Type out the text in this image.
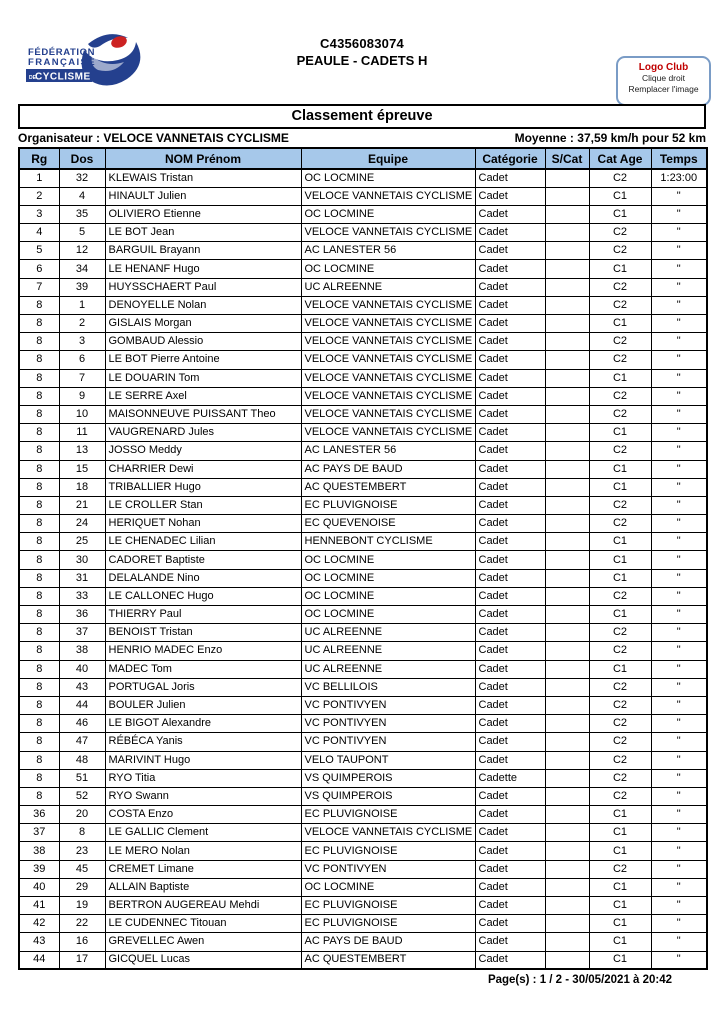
FÉDÉRATION
FRANÇAISE
DE CYCLISME
C4356083074
PEAULE - CADETS H	Logo Club
Clique droit
Remplacer l'image
Classement épreuve
Organisateur : VELOCE VANNETAIS CYCLISME	Moyenne : 37,59 km/h pour 52 km
Rg	Dos	NOM Prénom	Equipe	Catégorie	S/Cat	Cat Age	Temps
1	32	KLEWAIS Tristan	OC LOCMINE	Cadet		C2	1:23:00
2	4	HINAULT Julien	VELOCE VANNETAIS CYCLISME	Cadet		C1	"
3	35	OLIVIERO Etienne	OC LOCMINE	Cadet		C1	"
4	5	LE BOT Jean	VELOCE VANNETAIS CYCLISME	Cadet		C2	"
5	12	BARGUIL Brayann	AC LANESTER 56	Cadet		C2	"
6	34	LE HENANF Hugo	OC LOCMINE	Cadet		C1	"
7	39	HUYSSCHAERT Paul	UC ALREENNE	Cadet		C2	"
8	1	DENOYELLE Nolan	VELOCE VANNETAIS CYCLISME	Cadet		C2	"
8	2	GISLAIS Morgan	VELOCE VANNETAIS CYCLISME	Cadet		C1	"
8	3	GOMBAUD Alessio	VELOCE VANNETAIS CYCLISME	Cadet		C2	"
8	6	LE BOT Pierre Antoine	VELOCE VANNETAIS CYCLISME	Cadet		C2	"
8	7	LE DOUARIN Tom	VELOCE VANNETAIS CYCLISME	Cadet		C1	"
8	9	LE SERRE Axel	VELOCE VANNETAIS CYCLISME	Cadet		C2	"
8	10	MAISONNEUVE PUISSANT Theo	VELOCE VANNETAIS CYCLISME	Cadet		C2	"
8	11	VAUGRENARD Jules	VELOCE VANNETAIS CYCLISME	Cadet		C1	"
8	13	JOSSO Meddy	AC LANESTER 56	Cadet		C2	"
8	15	CHARRIER Dewi	AC PAYS DE BAUD	Cadet		C1	"
8	18	TRIBALLIER Hugo	AC QUESTEMBERT	Cadet		C1	"
8	21	LE CROLLER Stan	EC PLUVIGNOISE	Cadet		C2	"
8	24	HERIQUET Nohan	EC QUEVENOISE	Cadet		C2	"
8	25	LE CHENADEC Lilian	HENNEBONT CYCLISME	Cadet		C1	"
8	30	CADORET Baptiste	OC LOCMINE	Cadet		C1	"
8	31	DELALANDE Nino	OC LOCMINE	Cadet		C1	"
8	33	LE CALLONEC Hugo	OC LOCMINE	Cadet		C2	"
8	36	THIERRY Paul	OC LOCMINE	Cadet		C1	"
8	37	BENOIST Tristan	UC ALREENNE	Cadet		C2	"
8	38	HENRIO MADEC Enzo	UC ALREENNE	Cadet		C2	"
8	40	MADEC Tom	UC ALREENNE	Cadet		C1	"
8	43	PORTUGAL Joris	VC BELLILOIS	Cadet		C2	"
8	44	BOULER Julien	VC PONTIVYEN	Cadet		C2	"
8	46	LE BIGOT Alexandre	VC PONTIVYEN	Cadet		C2	"
8	47	RÉBÉCA Yanis	VC PONTIVYEN	Cadet		C2	"
8	48	MARIVINT Hugo	VELO TAUPONT	Cadet		C2	"
8	51	RYO Titia	VS QUIMPEROIS	Cadette		C2	"
8	52	RYO Swann	VS QUIMPEROIS	Cadet		C2	"
36	20	COSTA Enzo	EC PLUVIGNOISE	Cadet		C1	"
37	8	LE GALLIC Clement	VELOCE VANNETAIS CYCLISME	Cadet		C1	"
38	23	LE MERO Nolan	EC PLUVIGNOISE	Cadet		C1	"
39	45	CREMET Limane	VC PONTIVYEN	Cadet		C2	"
40	29	ALLAIN Baptiste	OC LOCMINE	Cadet		C1	"
41	19	BERTRON AUGEREAU Mehdi	EC PLUVIGNOISE	Cadet		C1	"
42	22	LE CUDENNEC Titouan	EC PLUVIGNOISE	Cadet		C1	"
43	16	GREVELLEC Awen	AC PAYS DE BAUD	Cadet		C1	"
44	17	GICQUEL Lucas	AC QUESTEMBERT	Cadet		C1	"
Page(s) : 1 / 2 - 30/05/2021 à 20:42
